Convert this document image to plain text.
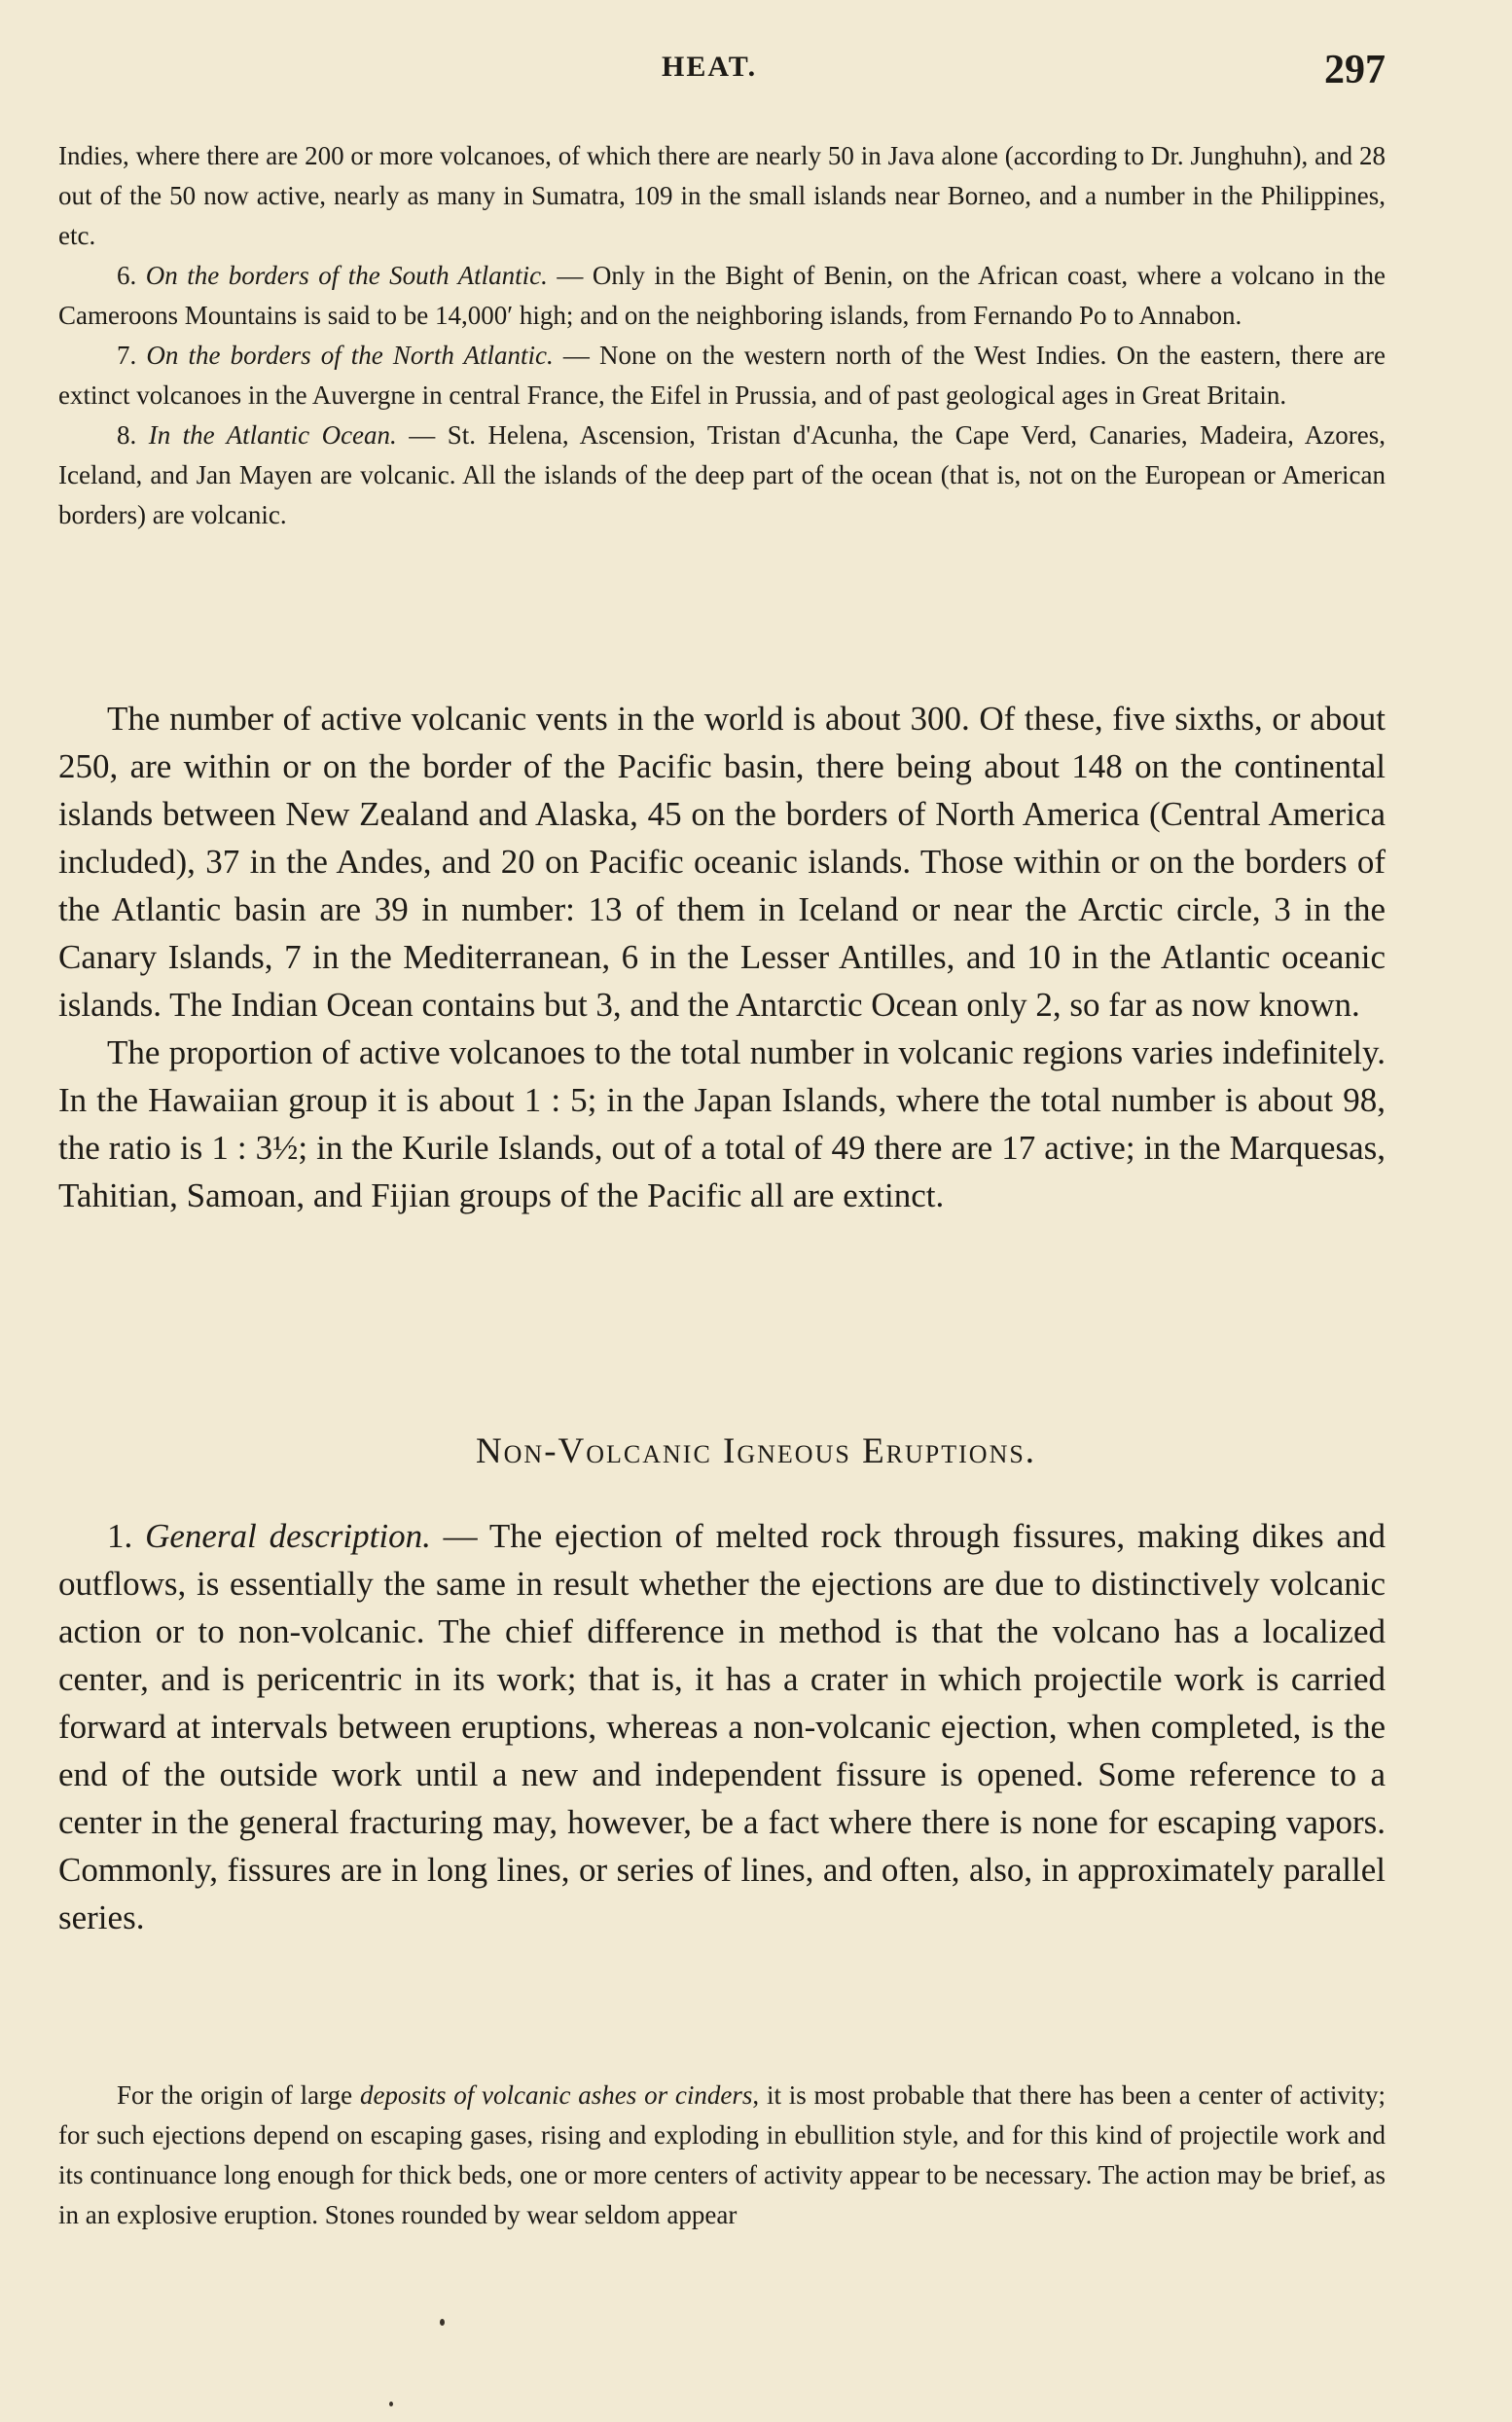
HEAT.	297

Indies, where there are 200 or more volcanoes, of which there are nearly 50 in Java alone (according to Dr. Junghuhn), and 28 out of the 50 now active, nearly as many in Sumatra, 109 in the small islands near Borneo, and a number in the Philippines, etc.

6. On the borders of the South Atlantic. — Only in the Bight of Benin, on the African coast, where a volcano in the Cameroons Mountains is said to be 14,000′ high; and on the neighboring islands, from Fernando Po to Annabon.

7. On the borders of the North Atlantic. — None on the western north of the West Indies. On the eastern, there are extinct volcanoes in the Auvergne in central France, the Eifel in Prussia, and of past geological ages in Great Britain.

8. In the Atlantic Ocean. — St. Helena, Ascension, Tristan d'Acunha, the Cape Verd, Canaries, Madeira, Azores, Iceland, and Jan Mayen are volcanic. All the islands of the deep part of the ocean (that is, not on the European or American borders) are volcanic.

The number of active volcanic vents in the world is about 300. Of these, five sixths, or about 250, are within or on the border of the Pacific basin, there being about 148 on the continental islands between New Zealand and Alaska, 45 on the borders of North America (Central America included), 37 in the Andes, and 20 on Pacific oceanic islands. Those within or on the borders of the Atlantic basin are 39 in number: 13 of them in Iceland or near the Arctic circle, 3 in the Canary Islands, 7 in the Mediterranean, 6 in the Lesser Antilles, and 10 in the Atlantic oceanic islands. The Indian Ocean contains but 3, and the Antarctic Ocean only 2, so far as now known.

The proportion of active volcanoes to the total number in volcanic regions varies indefinitely. In the Hawaiian group it is about 1 : 5; in the Japan Islands, where the total number is about 98, the ratio is 1 : 3½; in the Kurile Islands, out of a total of 49 there are 17 active; in the Marquesas, Tahitian, Samoan, and Fijian groups of the Pacific all are extinct.

Non-Volcanic Igneous Eruptions.

1. General description. — The ejection of melted rock through fissures, making dikes and outflows, is essentially the same in result whether the ejections are due to distinctively volcanic action or to non-volcanic. The chief difference in method is that the volcano has a localized center, and is pericentric in its work; that is, it has a crater in which projectile work is carried forward at intervals between eruptions, whereas a non-volcanic ejection, when completed, is the end of the outside work until a new and independent fissure is opened. Some reference to a center in the general fracturing may, however, be a fact where there is none for escaping vapors. Commonly, fissures are in long lines, or series of lines, and often, also, in approximately parallel series.

For the origin of large deposits of volcanic ashes or cinders, it is most probable that there has been a center of activity; for such ejections depend on escaping gases, rising and exploding in ebullition style, and for this kind of projectile work and its continuance long enough for thick beds, one or more centers of activity appear to be necessary. The action may be brief, as in an explosive eruption. Stones rounded by wear seldom appear
